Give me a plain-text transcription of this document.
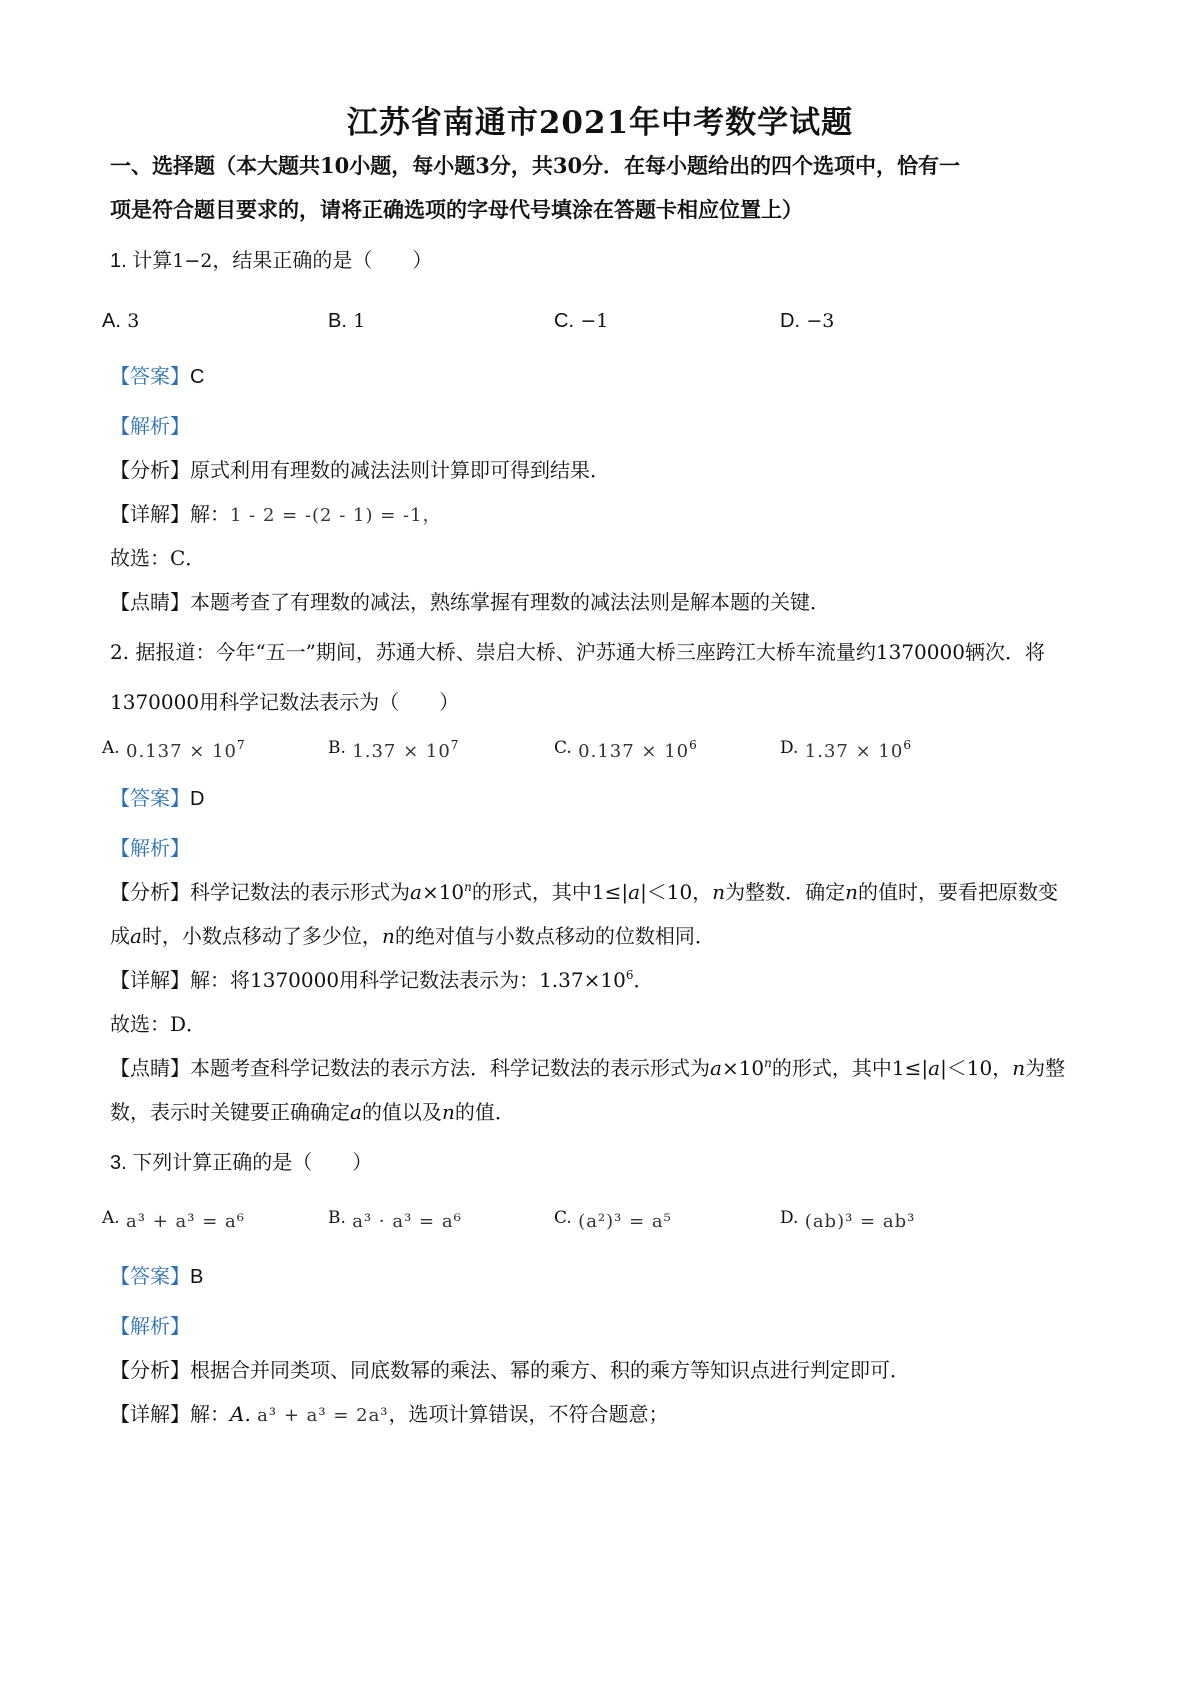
江苏省南通市2021年中考数学试题
一、选择题（本大题共10小题，每小题3分，共30分．在每小题给出的四个选项中，恰有一
项是符合题目要求的，请将正确选项的字母代号填涂在答题卡相应位置上）
1. 计算1−2，结果正确的是（　　）
A. 3	B. 1	C. −1	D. −3
【答案】C
【解析】
【分析】原式利用有理数的减法法则计算即可得到结果．
【详解】解：1 - 2 = -(2 - 1) = -1，
故选：C．
【点睛】本题考查了有理数的减法，熟练掌握有理数的减法法则是解本题的关键．
2. 据报道：今年“五一”期间，苏通大桥、崇启大桥、沪苏通大桥三座跨江大桥车流量约1370000辆次．将
1370000用科学记数法表示为（　　）
$^{A.}$ $0.137 \times 10^7$	$^{B.}$ $1.37 \times 10^7$	$^{C.}$ $0.137 \times 10^6$	$^{D.}$ $1.37 \times 10^6$
【答案】D
【解析】
【分析】科学记数法的表示形式为$a\times 10^n$的形式，其中1≤|a|＜10，n为整数．确定n的值时，要看把原数变
成a时，小数点移动了多少位，n的绝对值与小数点移动的位数相同．
【详解】解：将1370000用科学记数法表示为：$1.37\times 10^6$．
故选：D．
【点睛】本题考查科学记数法的表示方法．科学记数法的表示形式为$a\times 10^n$的形式，其中1≤|a|＜10，n为整
数，表示时关键要正确确定a的值以及n的值．
3. 下列计算正确的是（　　）
$^{A.}$ a³ + a³ = a⁶	$^{B.}$ a³ · a³ = a⁶	$^{C.}$ (a²)³ = a⁵	$^{D.}$ (ab)³ = ab³
【答案】B
【解析】
【分析】根据合并同类项、同底数幂的乘法、幂的乘方、积的乘方等知识点进行判定即可．
【详解】解：A. a³ + a³ = 2a³，选项计算错误，不符合题意；
